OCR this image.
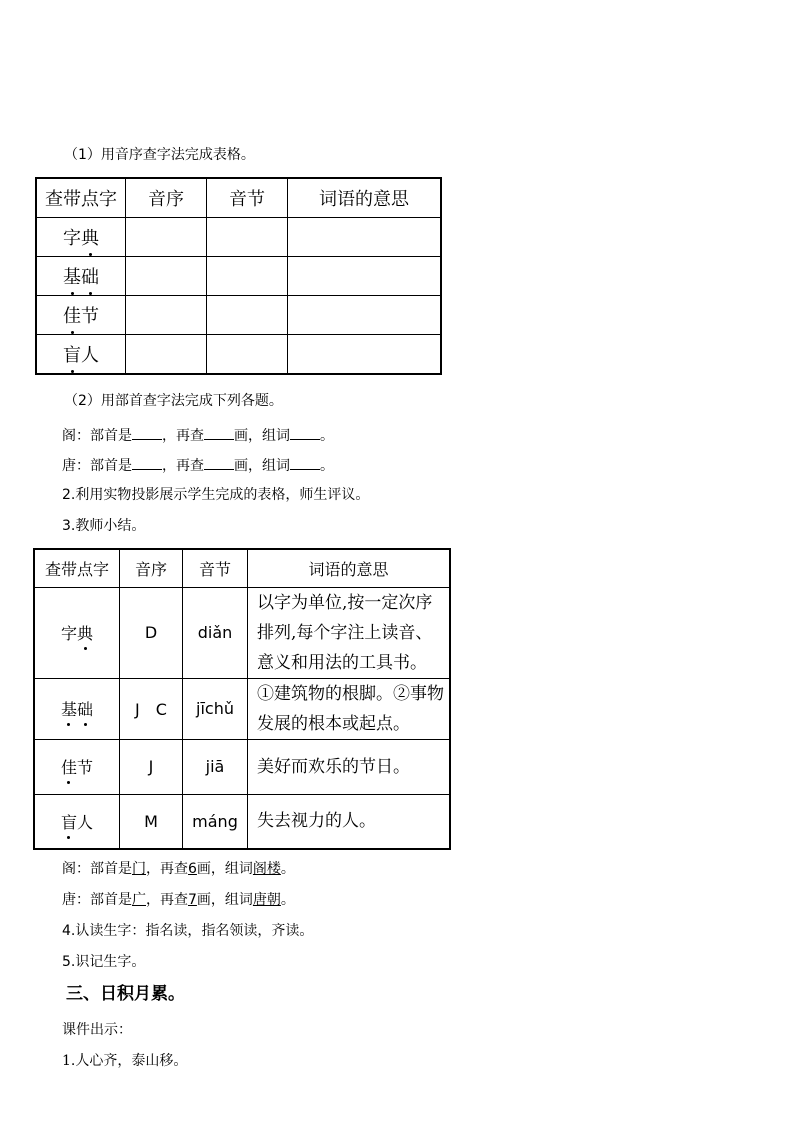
（1）用音序查字法完成表格。
查带点字	音序	音节	词语的意思
字典			
基础			
佳节			
盲人			
（2）用部首查字法完成下列各题。
阁：部首是 ，再查 画，组词 。
唐：部首是 ，再查 画，组词 。
2.利用实物投影展示学生完成的表格，师生评议。
3.教师小结。
查带点字	音序	音节	词语的意思
字典	D	diǎn	以字为单位,按一定次序排列,每个字注上读音、意义和用法的工具书。
基础	J　C	jīchǔ	①建筑物的根脚。②事物发展的根本或起点。
佳节	J	jiā	美好而欢乐的节日。
盲人	M	máng	失去视力的人。
阁：部首是门，再查6画，组词阁楼。
唐：部首是广，再查7画，组词唐朝。
4.认读生字：指名读，指名领读，齐读。
5.识记生字。
三、日积月累。
课件出示：
1.人心齐，泰山移。
